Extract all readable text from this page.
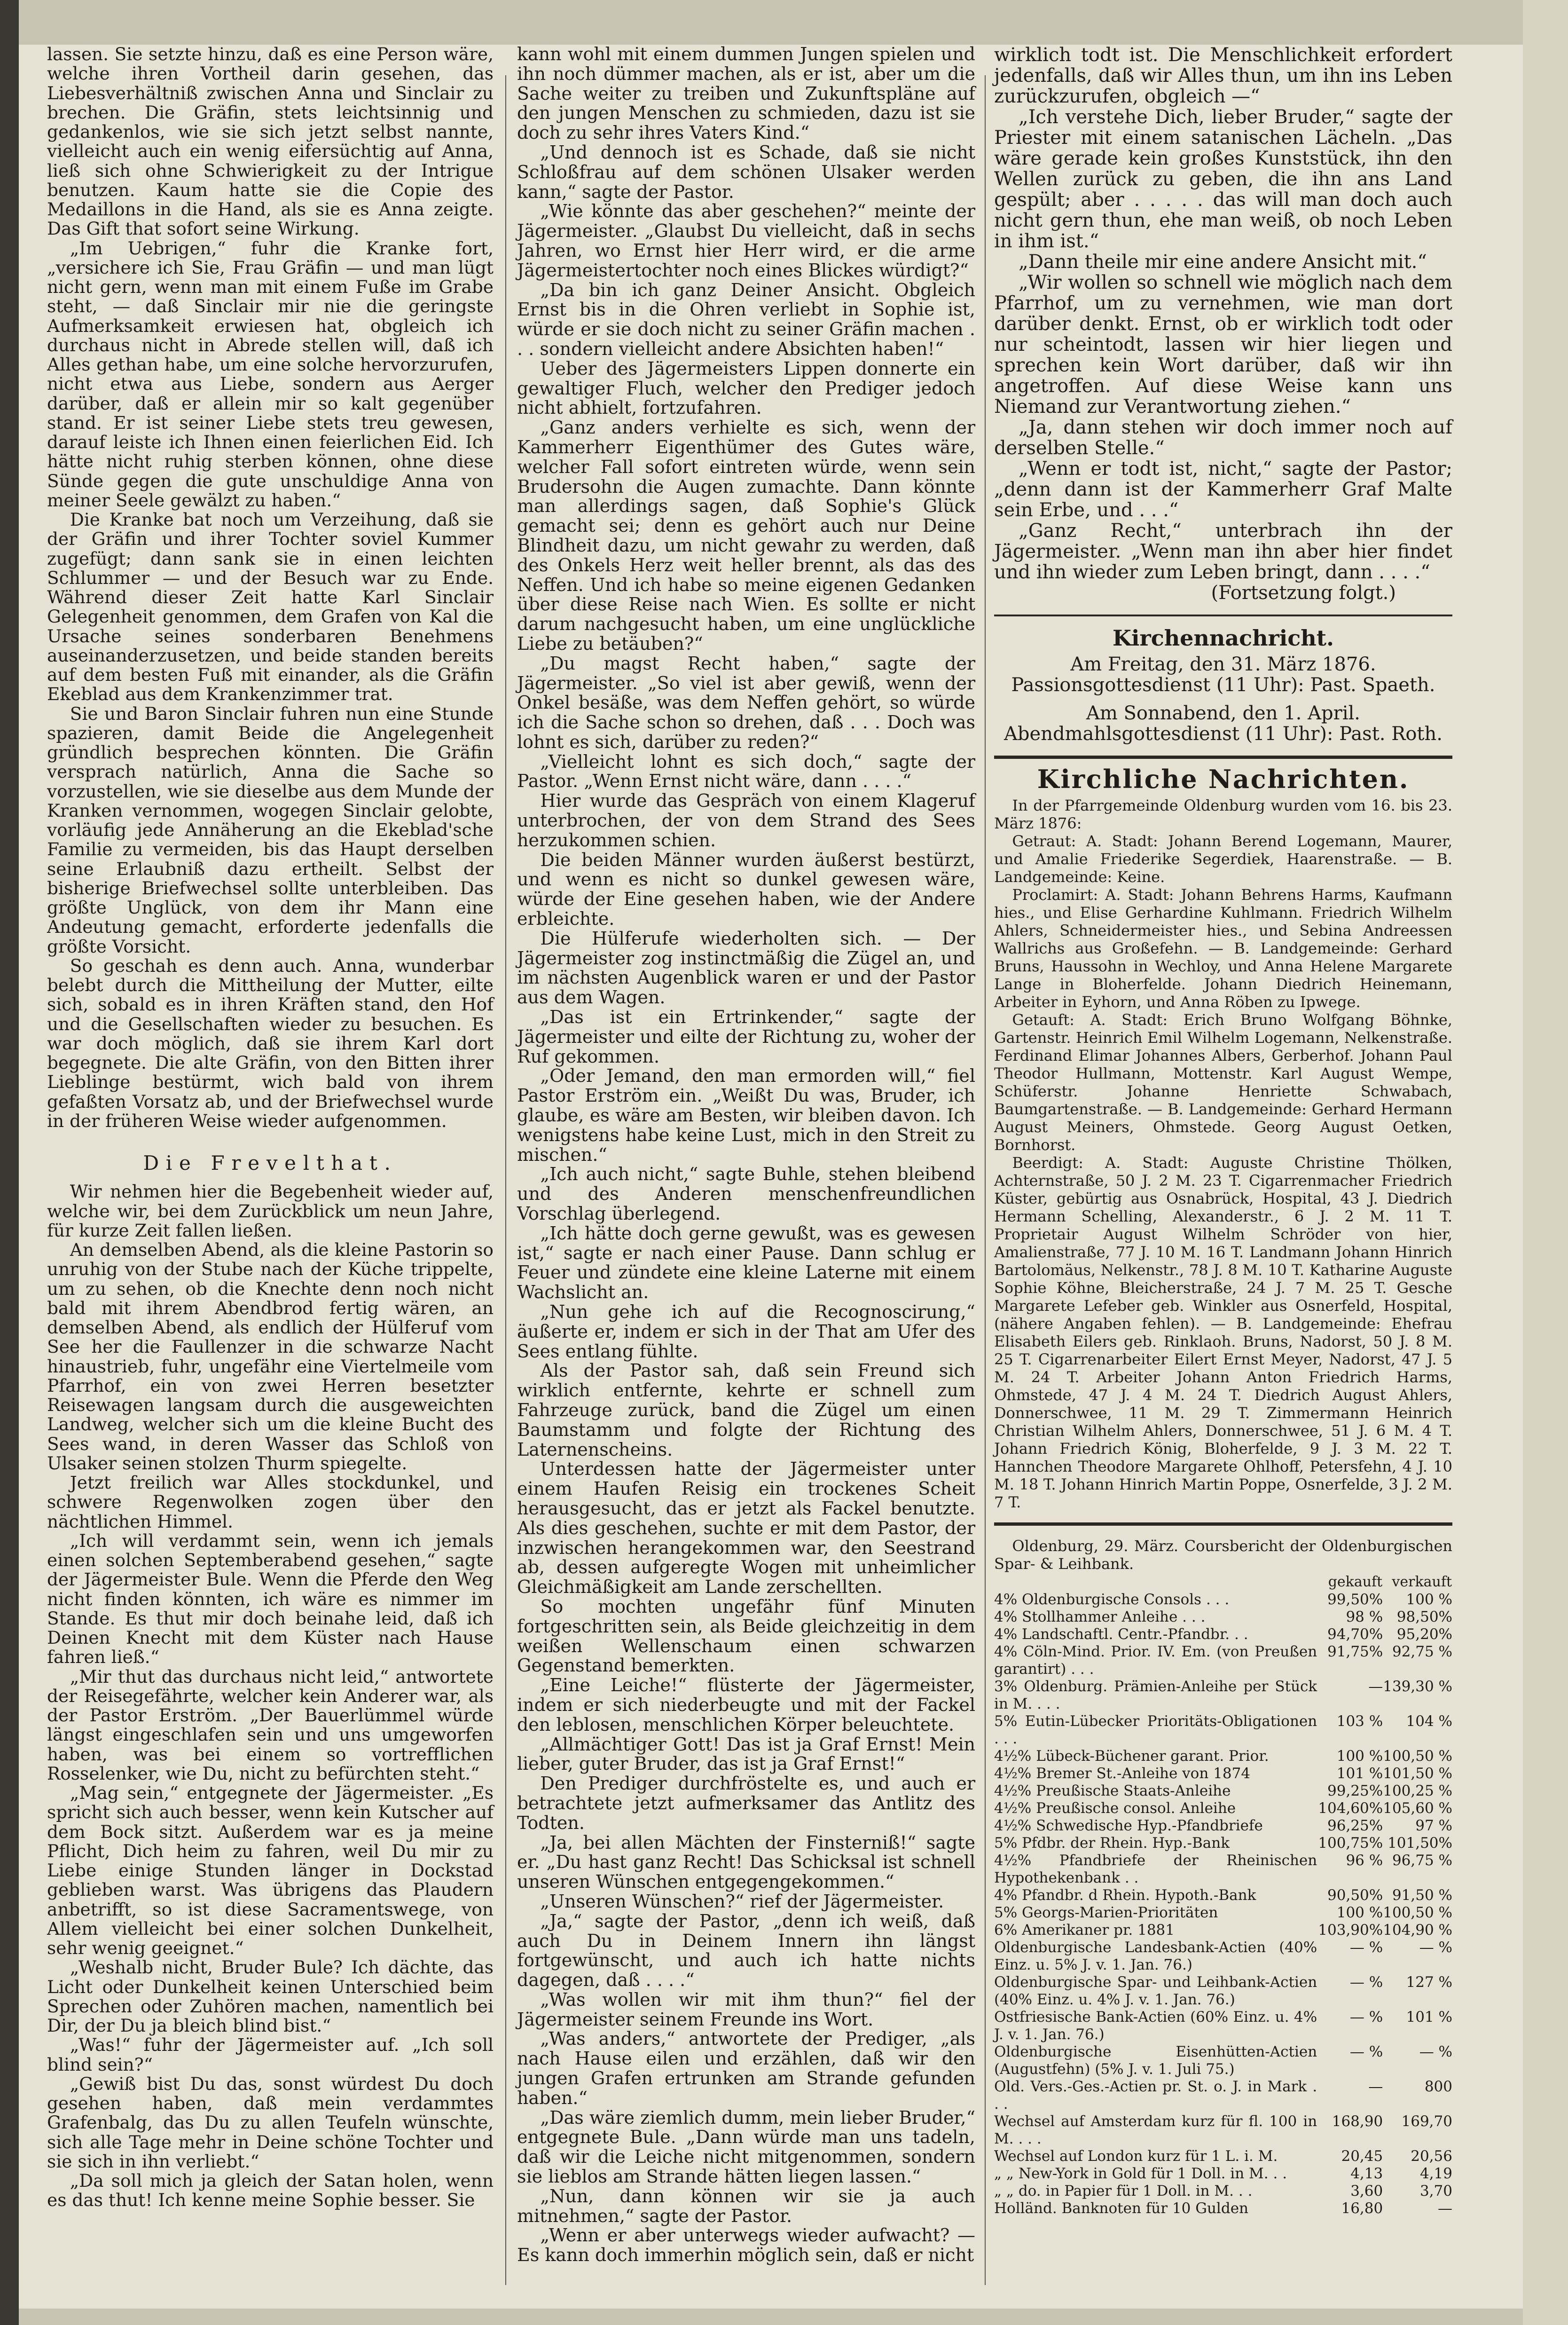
lassen. Sie setzte hinzu, daß es eine Person wäre, welche ihren Vortheil darin gesehen, das Liebesverhältniß zwischen Anna und Sinclair zu brechen. Die Gräfin, stets leichtsinnig und gedankenlos, wie sie sich jetzt selbst nannte, vielleicht auch ein wenig eifersüchtig auf Anna, ließ sich ohne Schwierigkeit zu der Intrigue benutzen. Kaum hatte sie die Copie des Medaillons in die Hand, als sie es Anna zeigte. Das Gift that sofort seine Wirkung.

„Im Uebrigen,“ fuhr die Kranke fort, „versichere ich Sie, Frau Gräfin — und man lügt nicht gern, wenn man mit einem Fuße im Grabe steht, — daß Sinclair mir nie die geringste Aufmerksamkeit erwiesen hat, obgleich ich durchaus nicht in Abrede stellen will, daß ich Alles gethan habe, um eine solche hervorzurufen, nicht etwa aus Liebe, sondern aus Aerger darüber, daß er allein mir so kalt gegenüber stand. Er ist seiner Liebe stets treu gewesen, darauf leiste ich Ihnen einen feierlichen Eid. Ich hätte nicht ruhig sterben können, ohne diese Sünde gegen die gute unschuldige Anna von meiner Seele gewälzt zu haben.“

Die Kranke bat noch um Verzeihung, daß sie der Gräfin und ihrer Tochter soviel Kummer zugefügt; dann sank sie in einen leichten Schlummer — und der Besuch war zu Ende. Während dieser Zeit hatte Karl Sinclair Gelegenheit genommen, dem Grafen von Kal die Ursache seines sonderbaren Benehmens auseinanderzusetzen, und beide standen bereits auf dem besten Fuß mit einander, als die Gräfin Ekeblad aus dem Krankenzimmer trat.

Sie und Baron Sinclair fuhren nun eine Stunde spazieren, damit Beide die Angelegenheit gründlich besprechen könnten. Die Gräfin versprach natürlich, Anna die Sache so vorzustellen, wie sie dieselbe aus dem Munde der Kranken vernommen, wogegen Sinclair gelobte, vorläufig jede Annäherung an die Ekeblad'sche Familie zu vermeiden, bis das Haupt derselben seine Erlaubniß dazu ertheilt. Selbst der bisherige Briefwechsel sollte unterbleiben. Das größte Unglück, von dem ihr Mann eine Andeutung gemacht, erforderte jedenfalls die größte Vorsicht.

So geschah es denn auch. Anna, wunderbar belebt durch die Mittheilung der Mutter, eilte sich, sobald es in ihren Kräften stand, den Hof und die Gesellschaften wieder zu besuchen. Es war doch möglich, daß sie ihrem Karl dort begegnete. Die alte Gräfin, von den Bitten ihrer Lieblinge bestürmt, wich bald von ihrem gefaßten Vorsatz ab, und der Briefwechsel wurde in der früheren Weise wieder aufgenommen.

Die Frevelthat.

Wir nehmen hier die Begebenheit wieder auf, welche wir, bei dem Zurückblick um neun Jahre, für kurze Zeit fallen ließen.

An demselben Abend, als die kleine Pastorin so unruhig von der Stube nach der Küche trippelte, um zu sehen, ob die Knechte denn noch nicht bald mit ihrem Abendbrod fertig wären, an demselben Abend, als endlich der Hülferuf vom See her die Faullenzer in die schwarze Nacht hinaustrieb, fuhr, ungefähr eine Viertelmeile vom Pfarrhof, ein von zwei Herren besetzter Reisewagen langsam durch die ausgeweichten Landweg, welcher sich um die kleine Bucht des Sees wand, in deren Wasser das Schloß von Ulsaker seinen stolzen Thurm spiegelte.

Jetzt freilich war Alles stockdunkel, und schwere Regenwolken zogen über den nächtlichen Himmel.

„Ich will verdammt sein, wenn ich jemals einen solchen Septemberabend gesehen,“ sagte der Jägermeister Bule. Wenn die Pferde den Weg nicht finden könnten, ich wäre es nimmer im Stande. Es thut mir doch beinahe leid, daß ich Deinen Knecht mit dem Küster nach Hause fahren ließ.“

„Mir thut das durchaus nicht leid,“ antwortete der Reisegefährte, welcher kein Anderer war, als der Pastor Erström. „Der Bauerlümmel würde längst eingeschlafen sein und uns umgeworfen haben, was bei einem so vortrefflichen Rosselenker, wie Du, nicht zu befürchten steht.“

„Mag sein,“ entgegnete der Jägermeister. „Es spricht sich auch besser, wenn kein Kutscher auf dem Bock sitzt. Außerdem war es ja meine Pflicht, Dich heim zu fahren, weil Du mir zu Liebe einige Stunden länger in Dockstad geblieben warst. Was übrigens das Plaudern anbetrifft, so ist diese Sacramentswege, von Allem vielleicht bei einer solchen Dunkelheit, sehr wenig geeignet.“

„Weshalb nicht, Bruder Bule? Ich dächte, das Licht oder Dunkelheit keinen Unterschied beim Sprechen oder Zuhören machen, namentlich bei Dir, der Du ja bleich blind bist.“

„Was!“ fuhr der Jägermeister auf. „Ich soll blind sein?“

„Gewiß bist Du das, sonst würdest Du doch gesehen haben, daß mein verdammtes Grafenbalg, das Du zu allen Teufeln wünschte, sich alle Tage mehr in Deine schöne Tochter und sie sich in ihn verliebt.“

„Da soll mich ja gleich der Satan holen, wenn es das thut! Ich kenne meine Sophie besser. Sie

kann wohl mit einem dummen Jungen spielen und ihn noch dümmer machen, als er ist, aber um die Sache weiter zu treiben und Zukunftspläne auf den jungen Menschen zu schmieden, dazu ist sie doch zu sehr ihres Vaters Kind.“

„Und dennoch ist es Schade, daß sie nicht Schloßfrau auf dem schönen Ulsaker werden kann,“ sagte der Pastor.

„Wie könnte das aber geschehen?“ meinte der Jägermeister. „Glaubst Du vielleicht, daß in sechs Jahren, wo Ernst hier Herr wird, er die arme Jägermeistertochter noch eines Blickes würdigt?“

„Da bin ich ganz Deiner Ansicht. Obgleich Ernst bis in die Ohren verliebt in Sophie ist, würde er sie doch nicht zu seiner Gräfin machen . . . sondern vielleicht andere Absichten haben!“

Ueber des Jägermeisters Lippen donnerte ein gewaltiger Fluch, welcher den Prediger jedoch nicht abhielt, fortzufahren.

„Ganz anders verhielte es sich, wenn der Kammerherr Eigenthümer des Gutes wäre, welcher Fall sofort eintreten würde, wenn sein Brudersohn die Augen zumachte. Dann könnte man allerdings sagen, daß Sophie's Glück gemacht sei; denn es gehört auch nur Deine Blindheit dazu, um nicht gewahr zu werden, daß des Onkels Herz weit heller brennt, als das des Neffen. Und ich habe so meine eigenen Gedanken über diese Reise nach Wien. Es sollte er nicht darum nachgesucht haben, um eine unglückliche Liebe zu betäuben?“

„Du magst Recht haben,“ sagte der Jägermeister. „So viel ist aber gewiß, wenn der Onkel besäße, was dem Neffen gehört, so würde ich die Sache schon so drehen, daß . . . Doch was lohnt es sich, darüber zu reden?“

„Vielleicht lohnt es sich doch,“ sagte der Pastor. „Wenn Ernst nicht wäre, dann . . . .“

Hier wurde das Gespräch von einem Klageruf unterbrochen, der von dem Strand des Sees herzukommen schien.

Die beiden Männer wurden äußerst bestürzt, und wenn es nicht so dunkel gewesen wäre, würde der Eine gesehen haben, wie der Andere erbleichte.

Die Hülferufe wiederholten sich. — Der Jägermeister zog instinctmäßig die Zügel an, und im nächsten Augenblick waren er und der Pastor aus dem Wagen.

„Das ist ein Ertrinkender,“ sagte der Jägermeister und eilte der Richtung zu, woher der Ruf gekommen.

„Oder Jemand, den man ermorden will,“ fiel Pastor Erström ein. „Weißt Du was, Bruder, ich glaube, es wäre am Besten, wir bleiben davon. Ich wenigstens habe keine Lust, mich in den Streit zu mischen.“

„Ich auch nicht,“ sagte Buhle, stehen bleibend und des Anderen menschenfreundlichen Vorschlag überlegend.

„Ich hätte doch gerne gewußt, was es gewesen ist,“ sagte er nach einer Pause. Dann schlug er Feuer und zündete eine kleine Laterne mit einem Wachslicht an.

„Nun gehe ich auf die Recognoscirung,“ äußerte er, indem er sich in der That am Ufer des Sees entlang fühlte.

Als der Pastor sah, daß sein Freund sich wirklich entfernte, kehrte er schnell zum Fahrzeuge zurück, band die Zügel um einen Baumstamm und folgte der Richtung des Laternenscheins.

Unterdessen hatte der Jägermeister unter einem Haufen Reisig ein trockenes Scheit herausgesucht, das er jetzt als Fackel benutzte. Als dies geschehen, suchte er mit dem Pastor, der inzwischen herangekommen war, den Seestrand ab, dessen aufgeregte Wogen mit unheimlicher Gleichmäßigkeit am Lande zerschellten.

So mochten ungefähr fünf Minuten fortgeschritten sein, als Beide gleichzeitig in dem weißen Wellenschaum einen schwarzen Gegenstand bemerkten.

„Eine Leiche!“ flüsterte der Jägermeister, indem er sich niederbeugte und mit der Fackel den leblosen, menschlichen Körper beleuchtete.

„Allmächtiger Gott! Das ist ja Graf Ernst! Mein lieber, guter Bruder, das ist ja Graf Ernst!“

Den Prediger durchfröstelte es, und auch er betrachtete jetzt aufmerksamer das Antlitz des Todten.

„Ja, bei allen Mächten der Finsterniß!“ sagte er. „Du hast ganz Recht! Das Schicksal ist schnell unseren Wünschen entgegengekommen.“

„Unseren Wünschen?“ rief der Jägermeister.

„Ja,“ sagte der Pastor, „denn ich weiß, daß auch Du in Deinem Innern ihn längst fortgewünscht, und auch ich hatte nichts dagegen, daß . . . .“

„Was wollen wir mit ihm thun?“ fiel der Jägermeister seinem Freunde ins Wort.

„Was anders,“ antwortete der Prediger, „als nach Hause eilen und erzählen, daß wir den jungen Grafen ertrunken am Strande gefunden haben.“

„Das wäre ziemlich dumm, mein lieber Bruder,“ entgegnete Bule. „Dann würde man uns tadeln, daß wir die Leiche nicht mitgenommen, sondern sie lieblos am Strande hätten liegen lassen.“

„Nun, dann können wir sie ja auch mitnehmen,“ sagte der Pastor.

„Wenn er aber unterwegs wieder aufwacht? — Es kann doch immerhin möglich sein, daß er nicht

wirklich todt ist. Die Menschlichkeit erfordert jedenfalls, daß wir Alles thun, um ihn ins Leben zurückzurufen, obgleich —“

„Ich verstehe Dich, lieber Bruder,“ sagte der Priester mit einem satanischen Lächeln. „Das wäre gerade kein großes Kunststück, ihn den Wellen zurück zu geben, die ihn ans Land gespült; aber . . . . . das will man doch auch nicht gern thun, ehe man weiß, ob noch Leben in ihm ist.“

„Dann theile mir eine andere Ansicht mit.“

„Wir wollen so schnell wie möglich nach dem Pfarrhof, um zu vernehmen, wie man dort darüber denkt. Ernst, ob er wirklich todt oder nur scheintodt, lassen wir hier liegen und sprechen kein Wort darüber, daß wir ihn angetroffen. Auf diese Weise kann uns Niemand zur Verantwortung ziehen.“

„Ja, dann stehen wir doch immer noch auf derselben Stelle.“

„Wenn er todt ist, nicht,“ sagte der Pastor; „denn dann ist der Kammerherr Graf Malte sein Erbe, und . . .“

„Ganz Recht,“ unterbrach ihn der Jägermeister. „Wenn man ihn aber hier findet und ihn wieder zum Leben bringt, dann . . . .“

(Fortsetzung folgt.)

Kirchennachricht.

Am Freitag, den 31. März 1876.

Passionsgottesdienst (11 Uhr): Past. Spaeth.

Am Sonnabend, den 1. April.

Abendmahlsgottesdienst (11 Uhr): Past. Roth.

Kirchliche Nachrichten.

In der Pfarrgemeinde Oldenburg wurden vom 16. bis 23. März 1876:

Getraut: A. Stadt: Johann Berend Logemann, Maurer, und Amalie Friederike Segerdiek, Haarenstraße. — B. Landgemeinde: Keine.

Proclamirt: A. Stadt: Johann Behrens Harms, Kaufmann hies., und Elise Gerhardine Kuhlmann. Friedrich Wilhelm Ahlers, Schneidermeister hies., und Sebina Andreessen Wallrichs aus Großefehn. — B. Landgemeinde: Gerhard Bruns, Haussohn in Wechloy, und Anna Helene Margarete Lange in Bloherfelde. Johann Diedrich Heinemann, Arbeiter in Eyhorn, und Anna Röben zu Ipwege.

Getauft: A. Stadt: Erich Bruno Wolfgang Böhnke, Gartenstr. Heinrich Emil Wilhelm Logemann, Nelkenstraße. Ferdinand Elimar Johannes Albers, Gerberhof. Johann Paul Theodor Hullmann, Mottenstr. Karl August Wempe, Schüferstr. Johanne Henriette Schwabach, Baumgartenstraße. — B. Landgemeinde: Gerhard Hermann August Meiners, Ohmstede. Georg August Oetken, Bornhorst.

Beerdigt: A. Stadt: Auguste Christine Thölken, Achternstraße, 50 J. 2 M. 23 T. Cigarrenmacher Friedrich Küster, gebürtig aus Osnabrück, Hospital, 43 J. Diedrich Hermann Schelling, Alexanderstr., 6 J. 2 M. 11 T. Proprietair August Wilhelm Schröder von hier, Amalienstraße, 77 J. 10 M. 16 T. Landmann Johann Hinrich Bartolomäus, Nelkenstr., 78 J. 8 M. 10 T. Katharine Auguste Sophie Köhne, Bleicherstraße, 24 J. 7 M. 25 T. Gesche Margarete Lefeber geb. Winkler aus Osnerfeld, Hospital, (nähere Angaben fehlen). — B. Landgemeinde: Ehefrau Elisabeth Eilers geb. Rinklaoh. Bruns, Nadorst, 50 J. 8 M. 25 T. Cigarrenarbeiter Eilert Ernst Meyer, Nadorst, 47 J. 5 M. 24 T. Arbeiter Johann Anton Friedrich Harms, Ohmstede, 47 J. 4 M. 24 T. Diedrich August Ahlers, Donnerschwee, 11 M. 29 T. Zimmermann Heinrich Christian Wilhelm Ahlers, Donnerschwee, 51 J. 6 M. 4 T. Johann Friedrich König, Bloherfelde, 9 J. 3 M. 22 T. Hannchen Theodore Margarete Ohlhoff, Petersfehn, 4 J. 10 M. 18 T. Johann Hinrich Martin Poppe, Osnerfelde, 3 J. 2 M. 7 T.

Oldenburg, 29. März. Coursbericht der Oldenburgischen Spar- & Leihbank.

	gekauft	verkauft
4% Oldenburgische Consols . . .	99,50%	100 %
4% Stollhammer Anleihe . . .	98 %	98,50%
4% Landschaftl. Centr.-Pfandbr. . .	94,70%	95,20%
4% Cöln-Mind. Prior. IV. Em. (von Preußen garantirt) . . .	91,75%	92,75 %
3% Oldenburg. Prämien-Anleihe per Stück in M. . . .	—	139,30 %
5% Eutin-Lübecker Prioritäts-Obligationen . . .	103 %	104 %
4½% Lübeck-Büchener garant. Prior.	100 %	100,50 %
4½% Bremer St.-Anleihe von 1874	101 %	101,50 %
4½% Preußische Staats-Anleihe	99,25%	100,25 %
4½% Preußische consol. Anleihe	104,60%	105,60 %
4½% Schwedische Hyp.-Pfandbriefe	96,25%	97 %
5% Pfdbr. der Rhein. Hyp.-Bank	100,75%	101,50%
4½% Pfandbriefe der Rheinischen Hypothekenbank . .	96 %	96,75 %
4% Pfandbr. d Rhein. Hypoth.-Bank	90,50%	91,50 %
5% Georgs-Marien-Prioritäten	100 %	100,50 %
6% Amerikaner pr. 1881	103,90%	104,90 %
Oldenburgische Landesbank-Actien (40% Einz. u. 5% J. v. 1. Jan. 76.)	— %	— %
Oldenburgische Spar- und Leihbank-Actien (40% Einz. u. 4% J. v. 1. Jan. 76.)	— %	127 %
Ostfriesische Bank-Actien (60% Einz. u. 4% J. v. 1. Jan. 76.)	— %	101 %
Oldenburgische Eisenhütten-Actien (Augustfehn) (5% J. v. 1. Juli 75.)	— %	— %
Old. Vers.-Ges.-Actien pr. St. o. J. in Mark . . .	—	800
Wechsel auf Amsterdam kurz für fl. 100 in M. . . .	168,90	169,70
Wechsel auf London kurz für 1 L. i. M.	20,45	20,56
„ „ New-York in Gold für 1 Doll. in M. . .	4,13	4,19
„ „ do. in Papier für 1 Doll. in M. . .	3,60	3,70
Holländ. Banknoten für 10 Gulden	16,80	—
